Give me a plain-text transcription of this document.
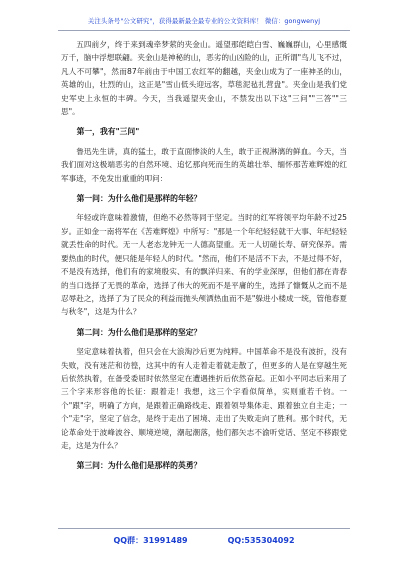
关注头条号"公文研究"，获得最新最全最专业的公文资料库！ 微信：gongwenyj

五四前夕，终于来到魂牵梦萦的夹金山。遥望那皑皑白雪、巍巍群山，心里感慨万千，脑中浮想联翩。夹金山是神秘的山，恶劣的山凶险的山，正所谓"鸟儿飞不过，凡人不可攀"，然而87年前由于中国工农红军的翻越，夹金山成为了一座神圣的山，英雄的山，壮烈的山，这正是"雪山低头迎远客，草毯泥毡扎营盘"。夹金山是我们党史军史上永恒的丰碑。今天，当我遥望夹金山，不禁发出以下这"三问""三答""三思"。

第一，我有"三问"

鲁迅先生讲，真的猛士，敢于直面惨淡的人生，敢于正视淋漓的鲜血。今天，当我们面对这极端恶劣的自然环境、追忆那向死而生的英雄壮举、缅怀那苦难辉煌的红军事迹，不免发出重重的叩问：

第一问：为什么他们是那样的年轻？

年轻或许意味着激情，但绝不必然等同于坚定。当时的红军将领平均年龄不过25岁。正如金一南将军在《苦难辉煌》中所写："那是一个年纪轻轻就干大事、年纪轻轻就丢性命的时代。无一人老态龙钟无一人德高望重。无一人切磋长寿、研究保养。需要热血的时代，便只能是年轻人的时代。"然而，他们不是活不下去，不是过得不好，不是没有选择，他们有的家境殷实、有的飘洋归来、有的学业深厚，但他们都在青春的当口选择了无畏的革命，选择了伟大的死而不是平庸的生，选择了慷慨从之而不是忍辱赴之，选择了为了民众的利益而抛头颅洒热血而不是"躲进小楼成一统，管他春夏与秋冬"，这是为什么？

第二问：为什么他们是那样的坚定？

坚定意味着执着，但只会在大浪淘沙后更为纯粹。中国革命不是没有波折，没有失败，没有迷茫和彷徨，这其中的有人走着走着就走散了，但更多的人是在穿越生死后依然执着，在备受委屈时依然坚定在遭遇挫折后依然奋起。正如小平同志后来用了三个字来形容他的长征：跟着走！我想，这三个字看似简单，实则重若千钧。一个"跟"字，明确了方向，是跟着正确路线走、跟着领导集体走、跟着独立自主走；一个"走"字，坚定了信念，是终于走出了困境、走出了失败走向了胜利。那个时代，无论革命处于波峰波谷、顺境逆境，潮起潮落，他们都矢志不渝听党话、坚定不移跟党走，这是为什么？

第三问：为什么他们是那样的英勇？

QQ群：31991489	QQ:535304092
